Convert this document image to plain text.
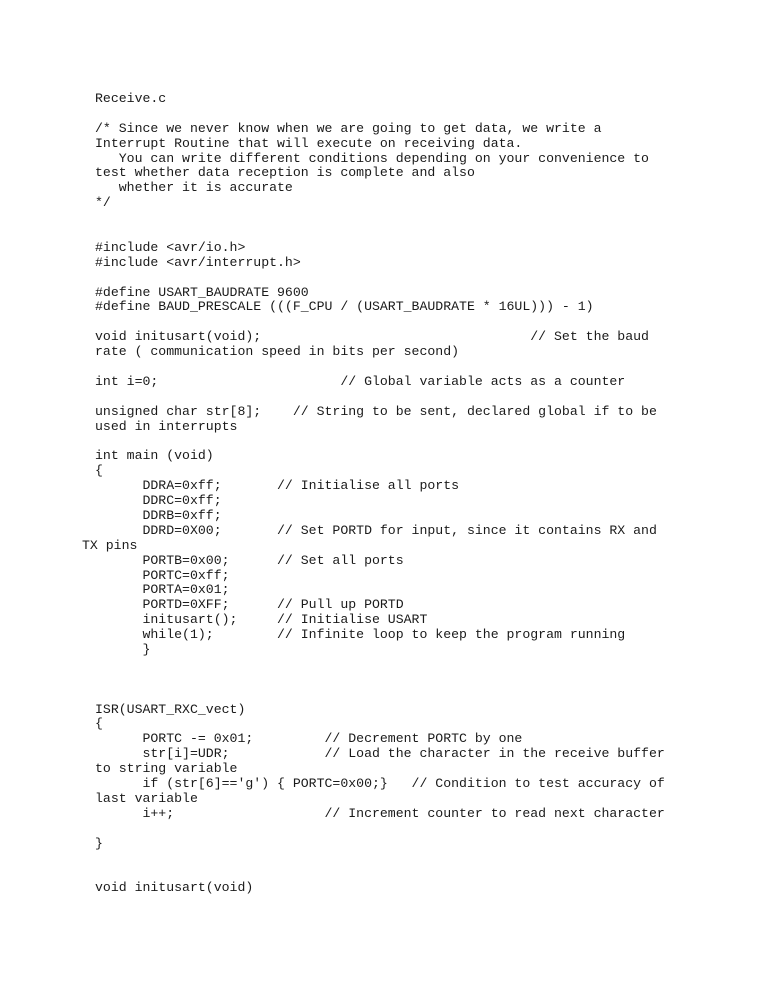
Receive.c
/* Since we never know when we are going to get data, we write a
Interrupt Routine that will execute on receiving data.
You can write different conditions depending on your convenience to
test whether data reception is complete and also
whether it is accurate
*/
#include <avr/io.h>
#include <avr/interrupt.h>
#define USART_BAUDRATE 9600
#define BAUD_PRESCALE (((F_CPU / (USART_BAUDRATE * 16UL))) - 1)
void initusart(void);                                  // Set the baud
rate ( communication speed in bits per second)
int i=0;                       // Global variable acts as a counter
unsigned char str[8];    // String to be sent, declared global if to be
used in interrupts
int main (void)
{
DDRA=0xff;       // Initialise all ports
DDRC=0xff;
DDRB=0xff;
DDRD=0X00;       // Set PORTD for input, since it contains RX and
TX pins
PORTB=0x00;      // Set all ports
PORTC=0xff;
PORTA=0x01;
PORTD=0XFF;      // Pull up PORTD
initusart();     // Initialise USART
while(1);        // Infinite loop to keep the program running
}
ISR(USART_RXC_vect)
{
PORTC -= 0x01;         // Decrement PORTC by one
str[i]=UDR;            // Load the character in the receive buffer
to string variable
if (str[6]=='g') { PORTC=0x00;}   // Condition to test accuracy of
last variable
i++;                   // Increment counter to read next character
}
void initusart(void)
